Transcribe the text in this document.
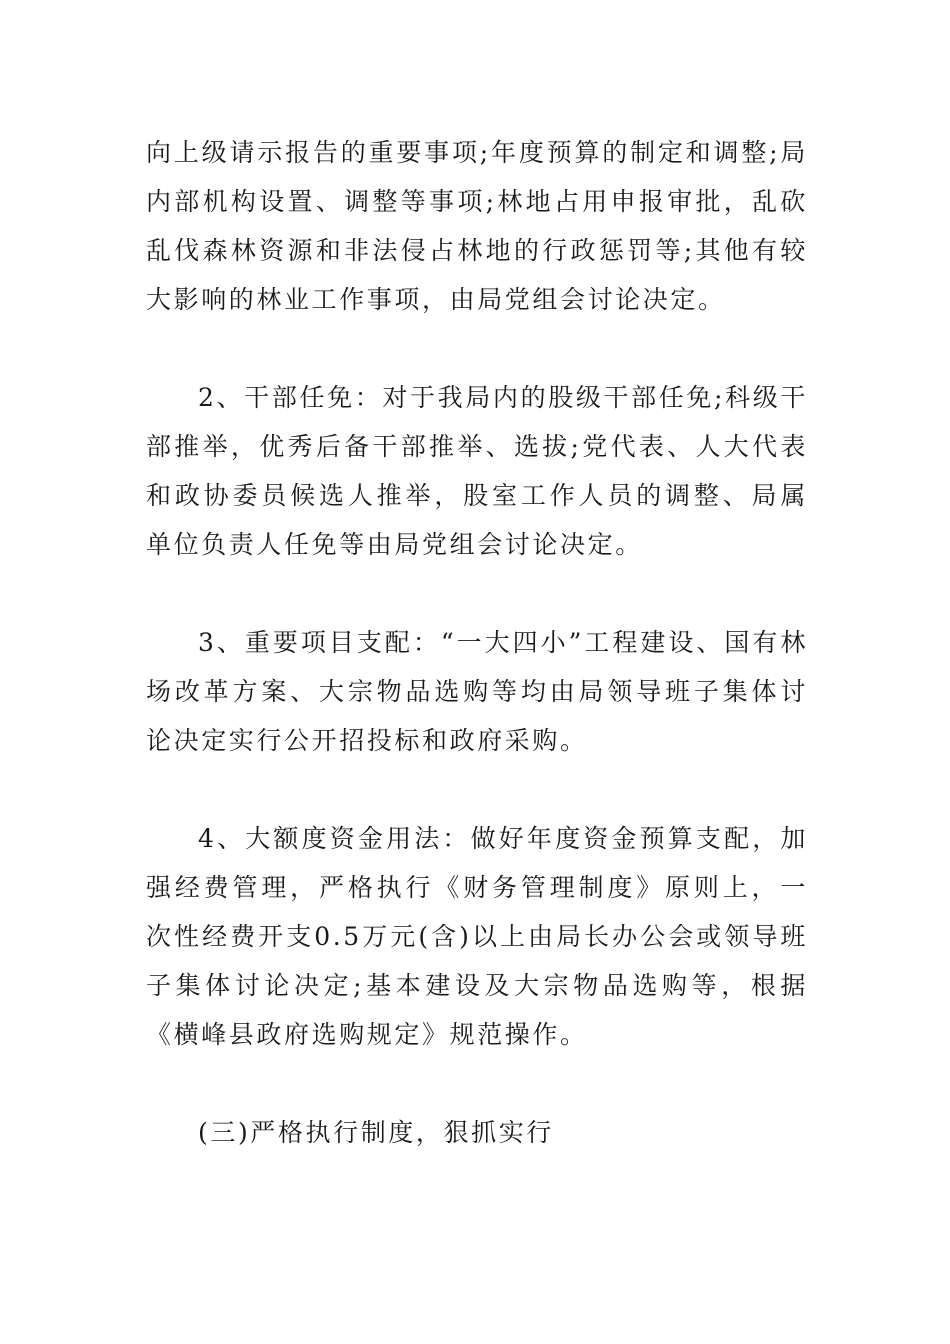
向上级请示报告的重要事项;年度预算的制定和调整;局内部机构设置、调整等事项;林地占用申报审批，乱砍乱伐森林资源和非法侵占林地的行政惩罚等;其他有较大影响的林业工作事项，由局党组会讨论决定。

2、干部任免：对于我局内的股级干部任免;科级干部推举，优秀后备干部推举、选拔;党代表、人大代表和政协委员候选人推举，股室工作人员的调整、局属单位负责人任免等由局党组会讨论决定。

3、重要项目支配：“一大四小”工程建设、国有林场改革方案、大宗物品选购等均由局领导班子集体讨论决定实行公开招投标和政府采购。

4、大额度资金用法：做好年度资金预算支配，加强经费管理，严格执行《财务管理制度》原则上，一次性经费开支0.5万元(含)以上由局长办公会或领导班子集体讨论决定;基本建设及大宗物品选购等，根据《横峰县政府选购规定》规范操作。

(三)严格执行制度，狠抓实行
